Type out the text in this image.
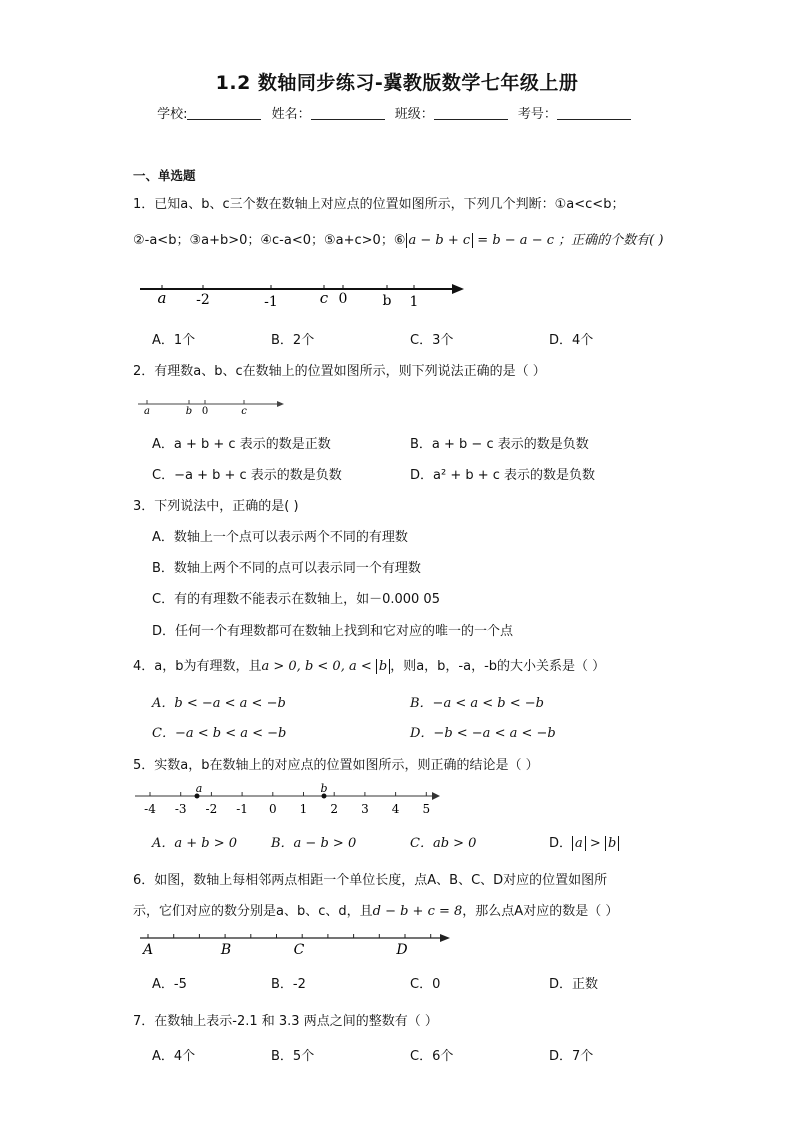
1.2 数轴同步练习-冀教版数学七年级上册
学校:	姓名：	班级：	考号：
一、单选题
1．已知a、b、c三个数在数轴上对应点的位置如图所示，下列几个判断：①a<c<b；
②-a<b；③a+b>0；④c-a<0；⑤a+c>0；⑥ a − b + c = b − a − c ；正确的个数有( )
a -2	-1	c 0	b 1
A．1个	B．2个	C．3个	D．4个
2．有理数a、b、c在数轴上的位置如图所示，则下列说法正确的是（ ）
a	b 0	c
A．a + b + c 表示的数是正数	B．a + b − c 表示的数是负数
C．−a + b + c 表示的数是负数	D．a² + b + c 表示的数是负数
3．下列说法中，正确的是( )
A．数轴上一个点可以表示两个不同的有理数
B．数轴上两个不同的点可以表示同一个有理数
C．有的有理数不能表示在数轴上，如－0.000 05
D．任何一个有理数都可在数轴上找到和它对应的唯一的一个点
4．a，b为有理数，且a > 0, b < 0, a < b ，则a，b，-a，-b的大小关系是（ ）
A．b < −a < a < −b	B．−a < a < b < −b
C．−a < b < a < −b	D．−b < −a < a < −b
5．实数a，b在数轴上的对应点的位置如图所示，则正确的结论是（ ）
-4 -3 -2 -1 0 1 2 3 4 5
a	b
A．a + b > 0	B．a − b > 0	C．ab > 0	D． a > b
6．如图，数轴上每相邻两点相距一个单位长度，点A、B、C、D对应的位置如图所
示，它们对应的数分别是a、b、c、d，且d − b + c = 8，那么点A对应的数是（ ）
A	B	C	D
A．-5	B．-2	C．0	D．正数
7．在数轴上表示-2.1 和 3.3 两点之间的整数有（ ）
A．4个	B．5个	C．6个	D．7个
